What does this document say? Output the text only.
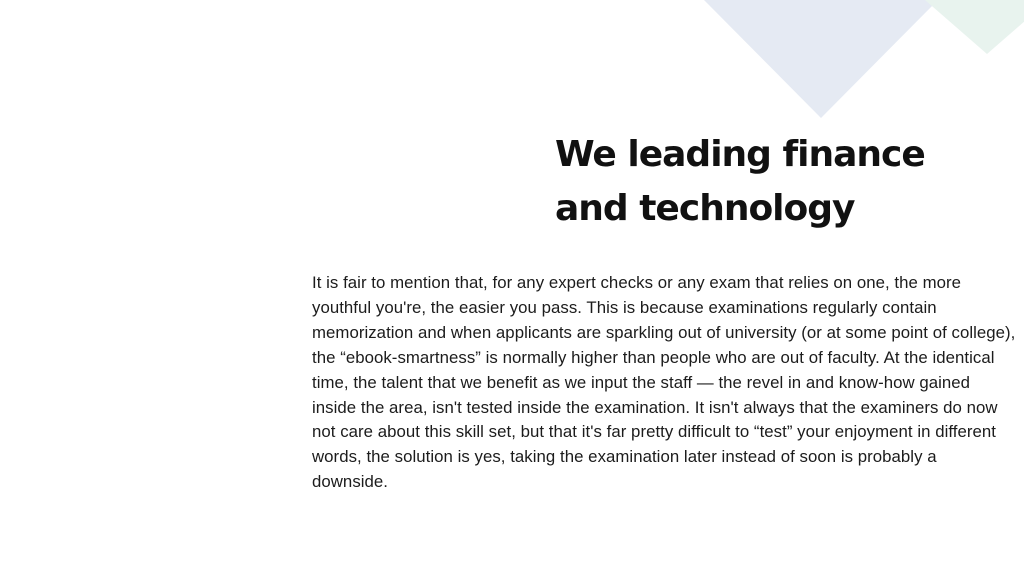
We leading finance
and technology

It is fair to mention that, for any expert checks or any exam that relies on one, the more youthful you're, the easier you pass. This is because examinations regularly contain memorization and when applicants are sparkling out of university (or at some point of college), the “ebook-smartness” is normally higher than people who are out of faculty. At the identical time, the talent that we benefit as we input the staff — the revel in and know-how gained inside the area, isn't tested inside the examination. It isn't always that the examiners do now not care about this skill set, but that it's far pretty difficult to “test” your enjoyment in different words, the solution is yes, taking the examination later instead of soon is probably a downside.
